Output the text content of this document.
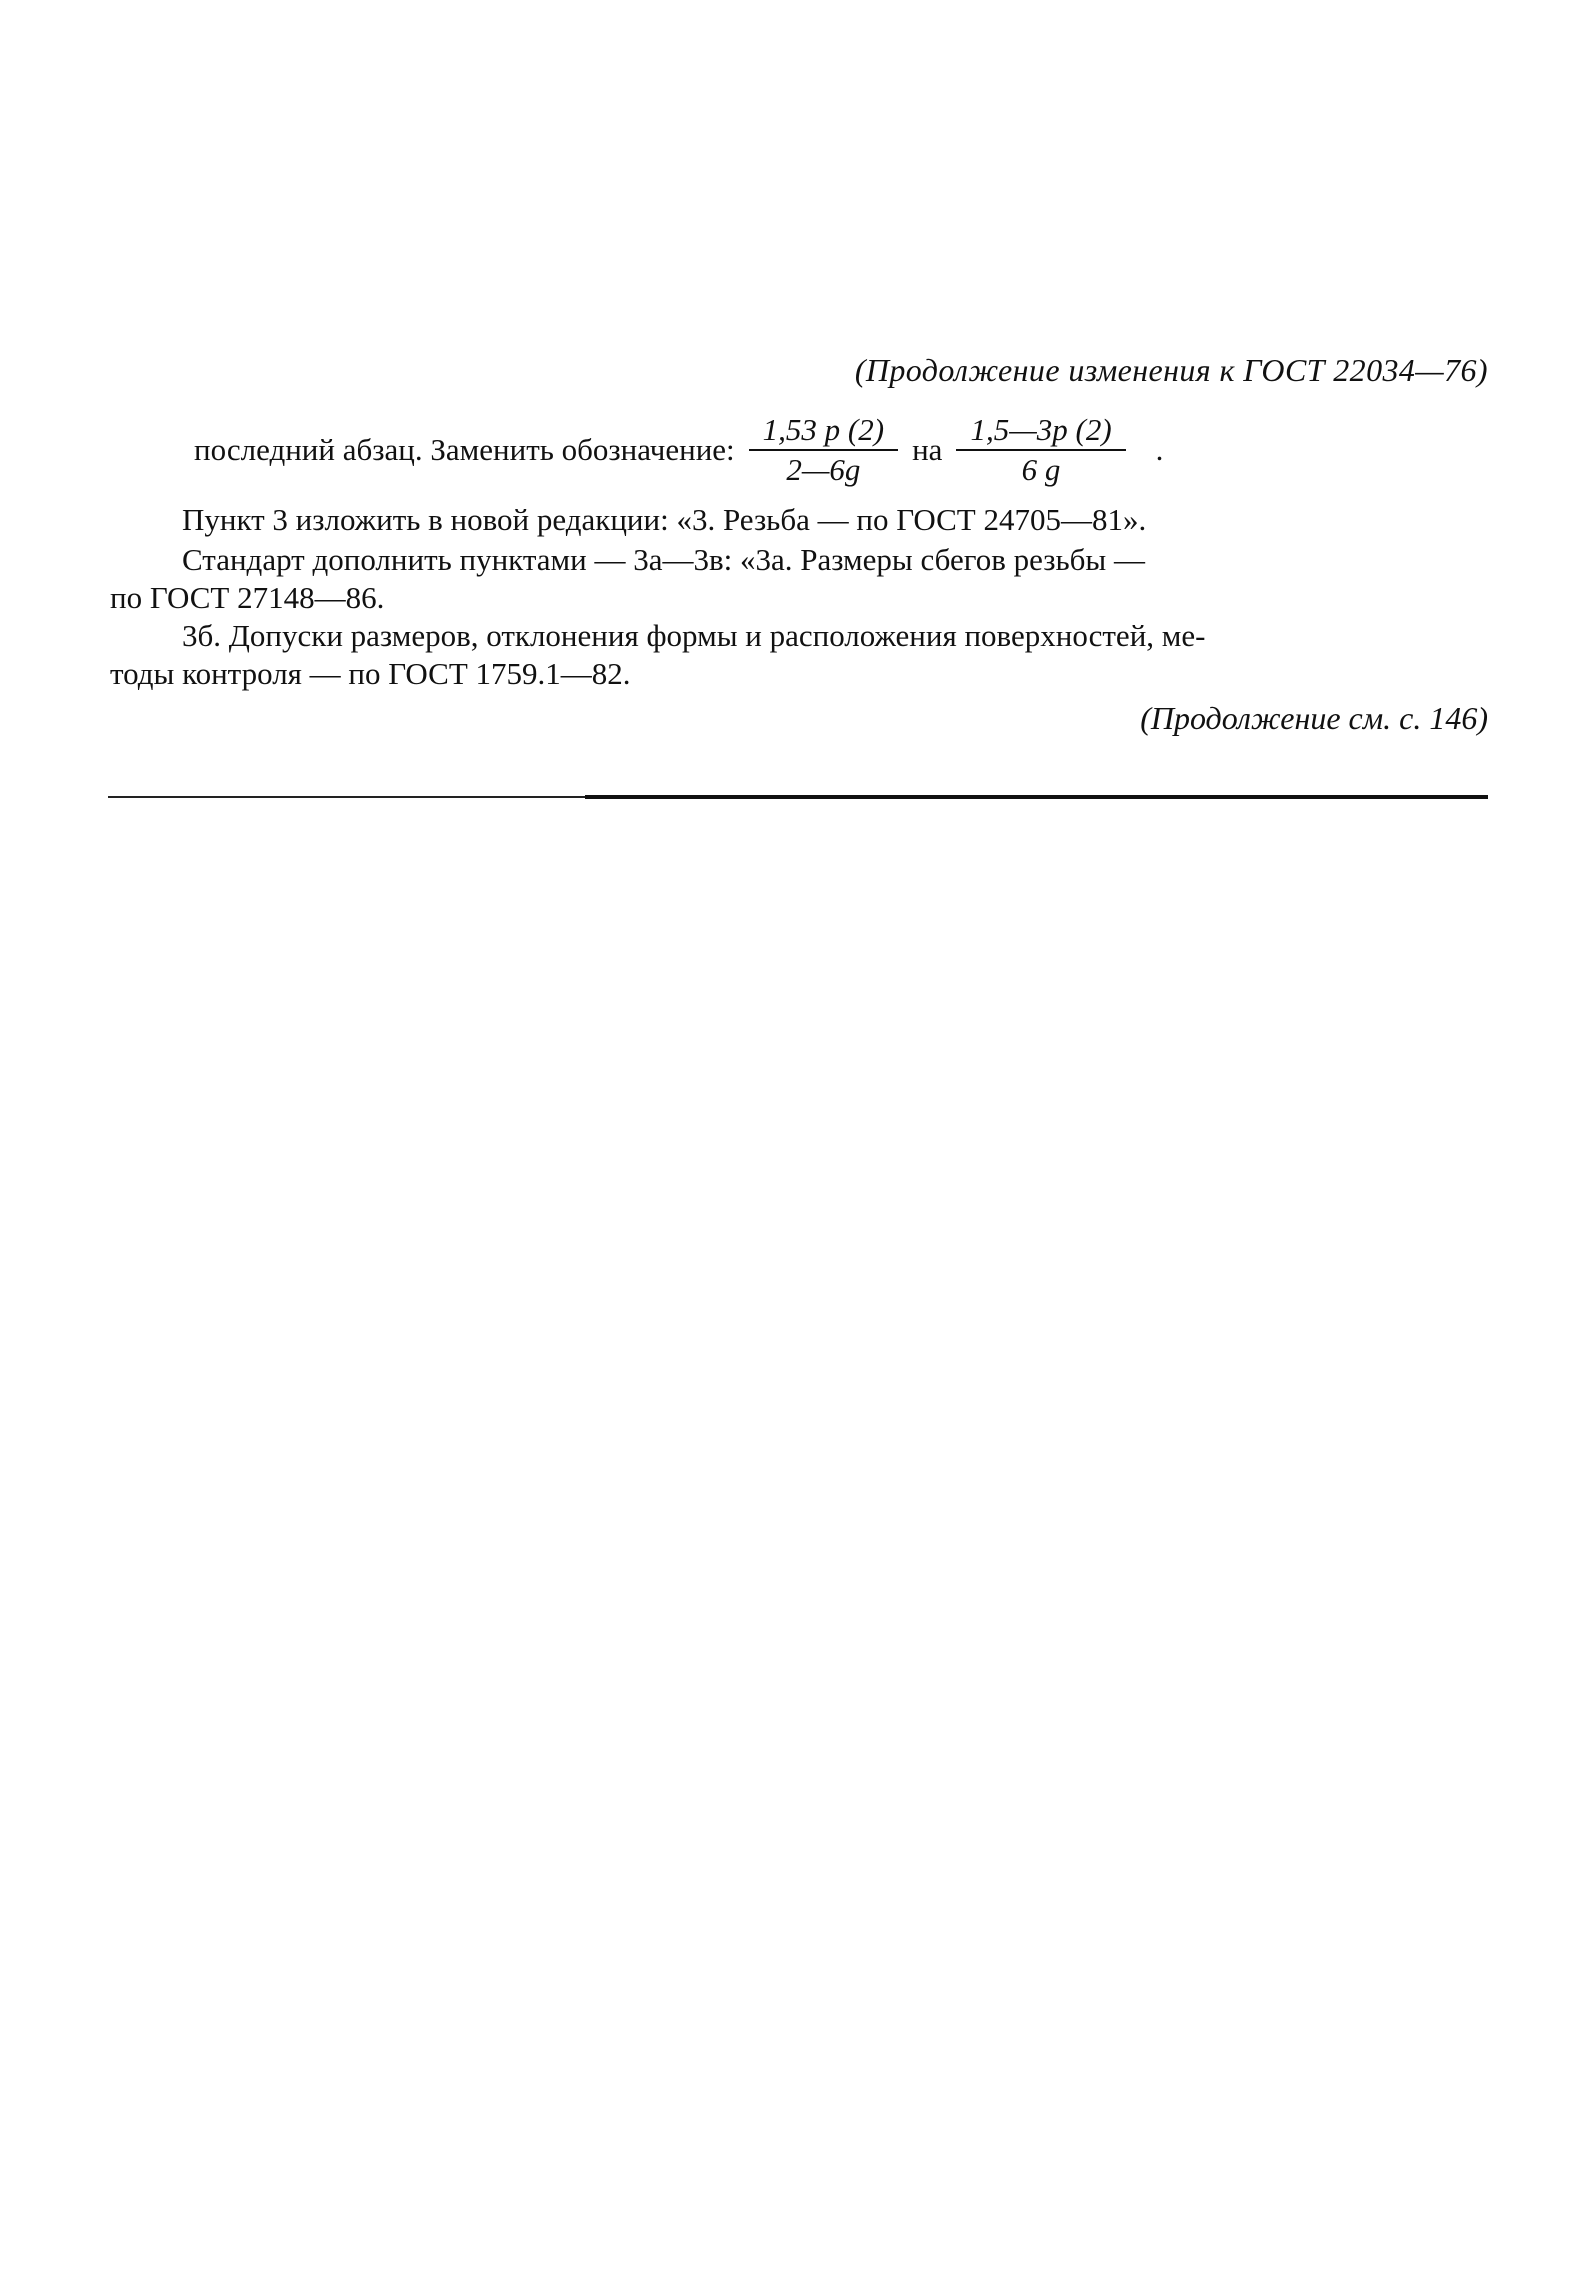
(Продолжение изменения к ГОСТ 22034—76)
последний абзац. Заменить обозначение: $\frac{1,53 p (2)}{2—6g}$ на $\frac{1,5—3p (2)}{6 g}$ .
Пункт 3 изложить в новой редакции: «3. Резьба — по ГОСТ 24705—81».
Стандарт дополнить пунктами — 3а—3в: «3а. Размеры сбегов резьбы —
по ГОСТ 27148—86.
3б. Допуски размеров, отклонения формы и расположения поверхностей, ме-
тоды контроля — по ГОСТ 1759.1—82.
(Продолжение см. с. 146)
